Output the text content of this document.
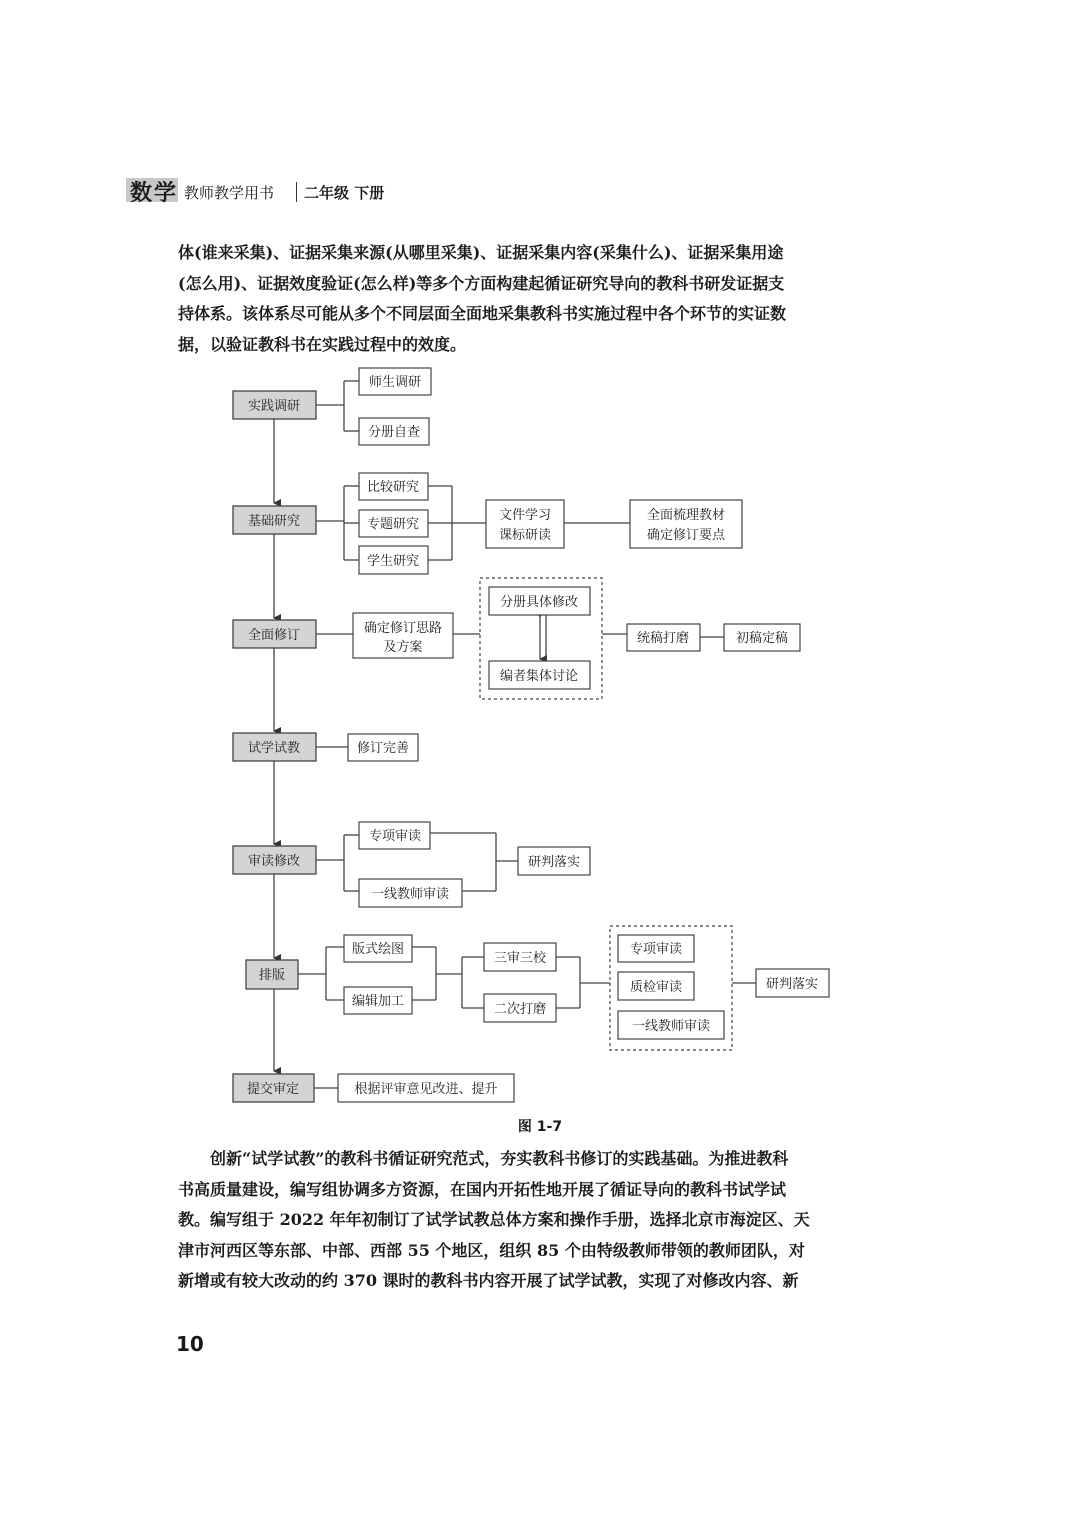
数学 教师教学用书 二年级 下册

体(谁来采集)、证据采集来源(从哪里采集)、证据采集内容(采集什么)、证据采集用途

(怎么用)、证据效度验证(怎么样)等多个方面构建起循证研究导向的教科书研发证据支

持体系。该体系尽可能从多个不同层面全面地采集教科书实施过程中各个环节的实证数

据，以验证教科书在实践过程中的效度。

实践调研
基础研究
全面修订
试学试教
审读修改
排版
提交审定
师生调研
分册自查
比较研究
专题研究
学生研究
文件学习
课标研读
全面梳理教材
确定修订要点
确定修订思路
及方案
分册具体修改
编者集体讨论
统稿打磨	初稿定稿
修订完善
专项审读
一线教师审读
研判落实
版式绘图
编辑加工
三审三校
二次打磨
专项审读
质检审读
一线教师审读
研判落实
根据评审意见改进、提升
图 1-7

　　创新“试学试教”的教科书循证研究范式，夯实教科书修订的实践基础。为推进教科

书高质量建设，编写组协调多方资源，在国内开拓性地开展了循证导向的教科书试学试

教。编写组于 2022 年年初制订了试学试教总体方案和操作手册，选择北京市海淀区、天

津市河西区等东部、中部、西部 55 个地区，组织 85 个由特级教师带领的教师团队，对

新增或有较大改动的约 370 课时的教科书内容开展了试学试教，实现了对修改内容、新

10
